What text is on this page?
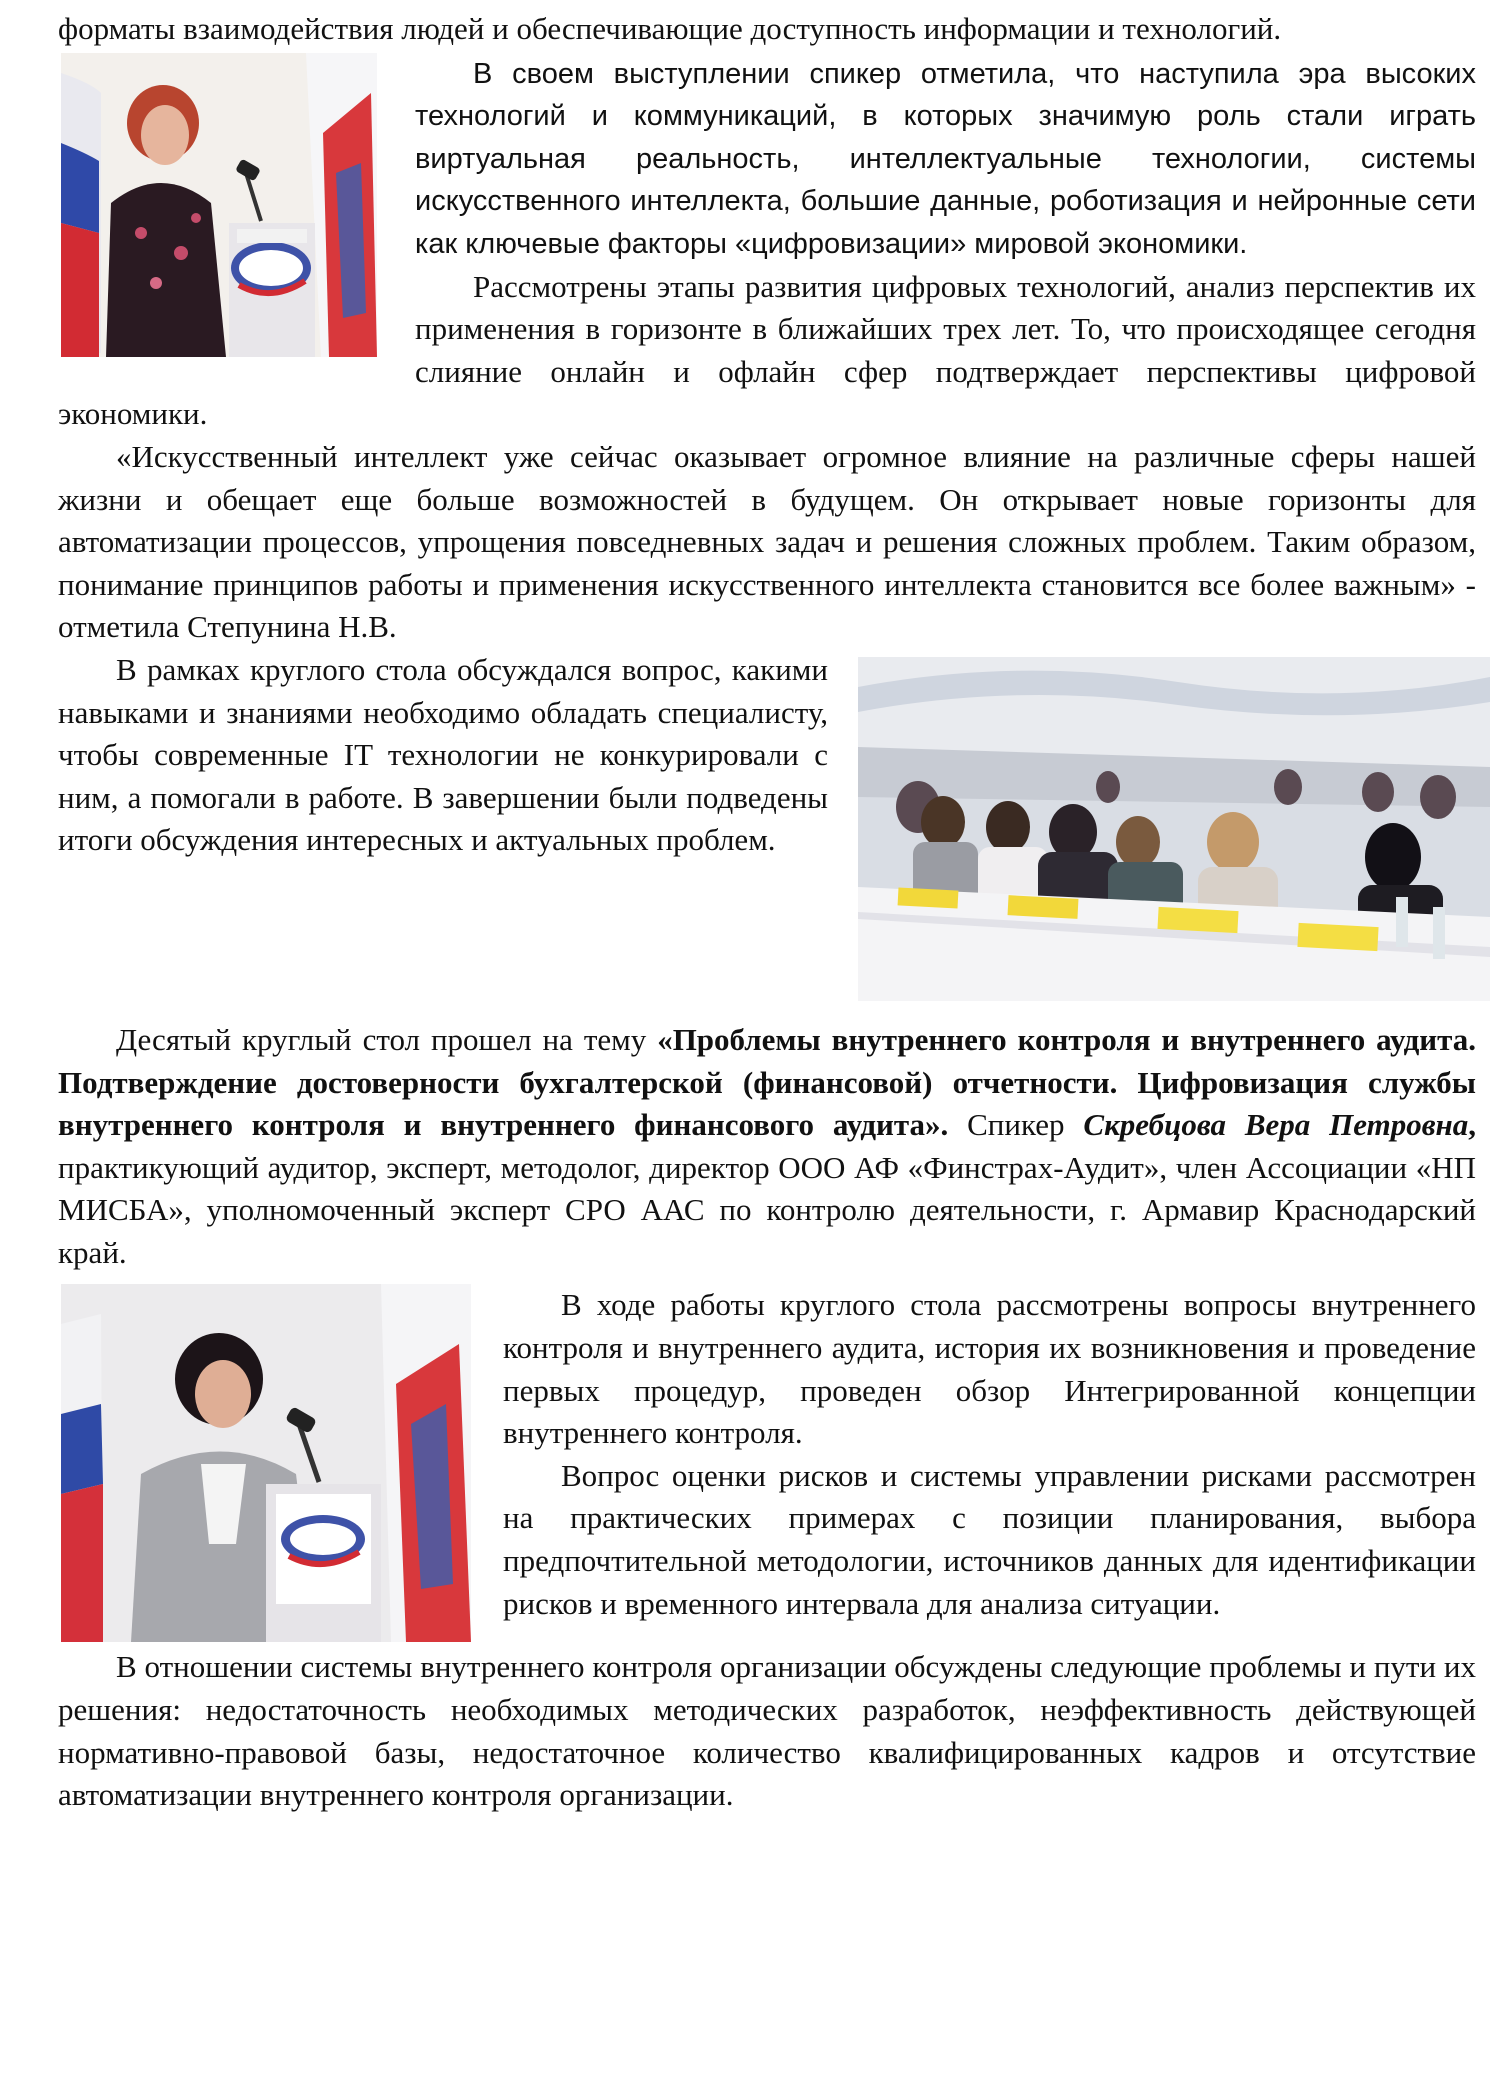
форматы взаимодействия людей и обеспечивающие доступность информации и технологий.

В своем выступлении спикер отметила, что наступила эра высоких технологий и коммуникаций, в которых значимую роль стали играть виртуальная реальность, интеллектуальные технологии, системы искусственного интеллекта, большие данные, роботизация и нейронные сети как ключевые факторы «цифровизации» мировой экономики.

Рассмотрены этапы развития цифровых технологий, анализ перспектив их применения в горизонте в ближайших трех лет. То, что происходящее сегодня слияние онлайн и офлайн сфер подтверждает перспективы цифровой экономики.

«Искусственный интеллект уже сейчас оказывает огромное влияние на различные сферы нашей жизни и обещает еще больше возможностей в будущем. Он открывает новые горизонты для автоматизации процессов, упрощения повседневных задач и решения сложных проблем. Таким образом, понимание принципов работы и применения искусственного интеллекта становится все более важным» - отметила Степунина Н.В.

В рамках круглого стола обсуждался вопрос, какими навыками и знаниями необходимо обладать специалисту, чтобы современные IT технологии не конкурировали с ним, а помогали в работе. В завершении были подведены итоги обсуждения интересных и актуальных проблем.

Десятый круглый стол прошел на тему «Проблемы внутреннего контроля и внутреннего аудита. Подтверждение достоверности бухгалтерской (финансовой) отчетности. Цифровизация службы внутреннего контроля и внутреннего финансового аудита». Спикер Скребцова Вера Петровна, практикующий аудитор, эксперт, методолог, директор ООО АФ «Финстрах-Аудит», член Ассоциации «НП МИСБА», уполномоченный эксперт СРО ААС по контролю деятельности, г. Армавир Краснодарский край.

В ходе работы круглого стола рассмотрены вопросы внутреннего контроля и внутреннего аудита, история их возникновения и проведение первых процедур, проведен обзор Интегрированной концепции внутреннего контроля.

Вопрос оценки рисков и системы управлении рисками рассмотрен на практических примерах с позиции планирования, выбора предпочтительной методологии, источников данных для идентификации рисков и временного интервала для анализа ситуации.

В отношении системы внутреннего контроля организации обсуждены следующие проблемы и пути их решения: недостаточность необходимых методических разработок, неэффективность действующей нормативно-правовой базы, недостаточное количество квалифицированных кадров и отсутствие автоматизации внутреннего контроля организации.
